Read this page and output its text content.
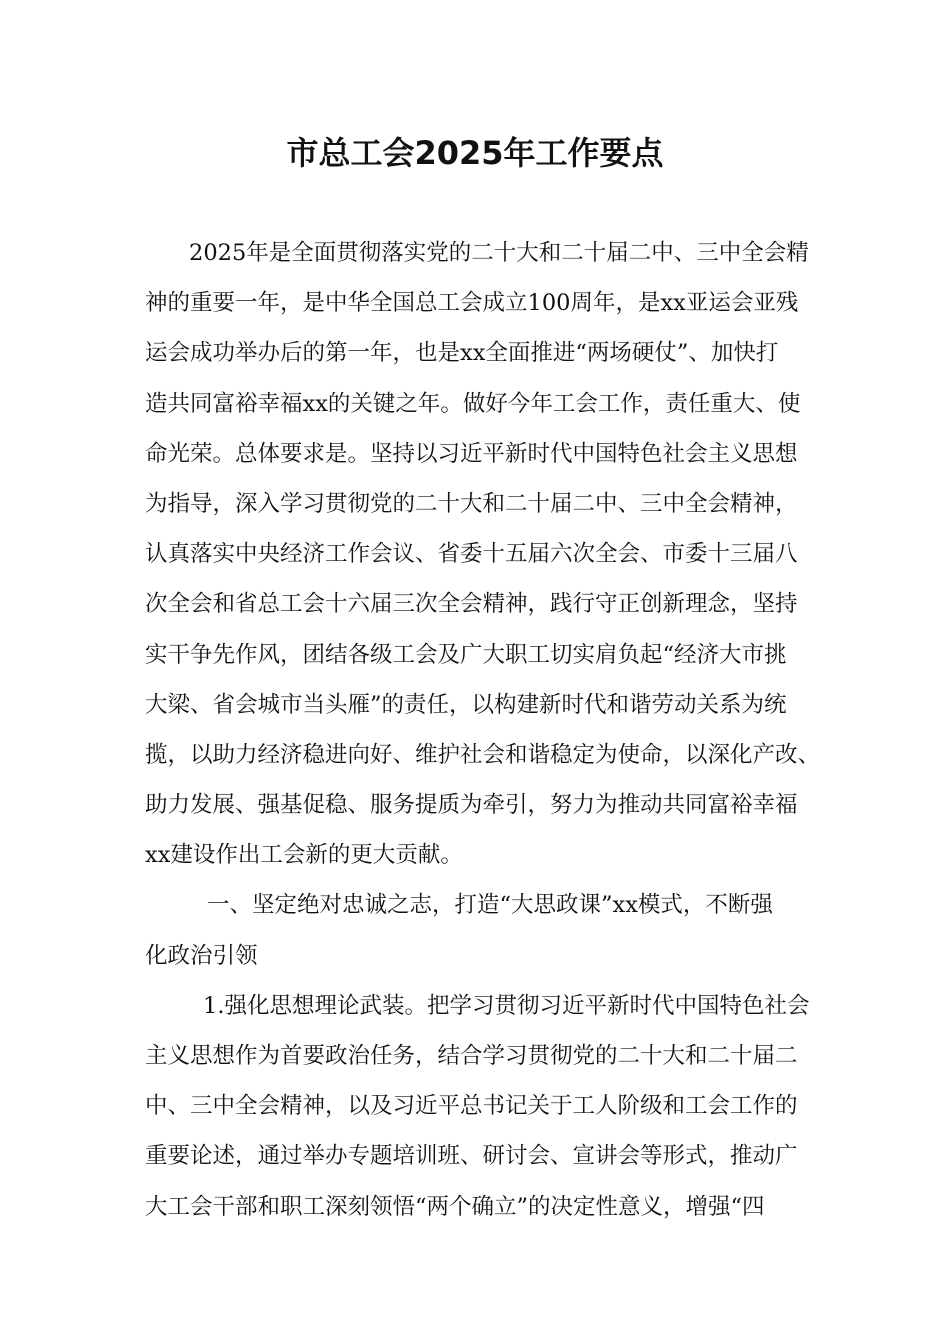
市总工会2025年工作要点
2025年是全面贯彻落实党的二十大和二十届二中、三中全会精
神的重要一年，是中华全国总工会成立100周年，是xx亚运会亚残
运会成功举办后的第一年，也是xx全面推进“两场硬仗”、加快打
造共同富裕幸福xx的关键之年。做好今年工会工作，责任重大、使
命光荣。总体要求是。坚持以习近平新时代中国特色社会主义思想
为指导，深入学习贯彻党的二十大和二十届二中、三中全会精神，
认真落实中央经济工作会议、省委十五届六次全会、市委十三届八
次全会和省总工会十六届三次全会精神，践行守正创新理念，坚持
实干争先作风，团结各级工会及广大职工切实肩负起“经济大市挑
大梁、省会城市当头雁”的责任，以构建新时代和谐劳动关系为统
揽，以助力经济稳进向好、维护社会和谐稳定为使命，以深化产改、
助力发展、强基促稳、服务提质为牵引，努力为推动共同富裕幸福
xx建设作出工会新的更大贡献。
一、坚定绝对忠诚之志，打造“大思政课”xx模式，不断强
化政治引领
1.强化思想理论武装。把学习贯彻习近平新时代中国特色社会
主义思想作为首要政治任务，结合学习贯彻党的二十大和二十届二
中、三中全会精神，以及习近平总书记关于工人阶级和工会工作的
重要论述，通过举办专题培训班、研讨会、宣讲会等形式，推动广
大工会干部和职工深刻领悟“两个确立”的决定性意义，增强“四
